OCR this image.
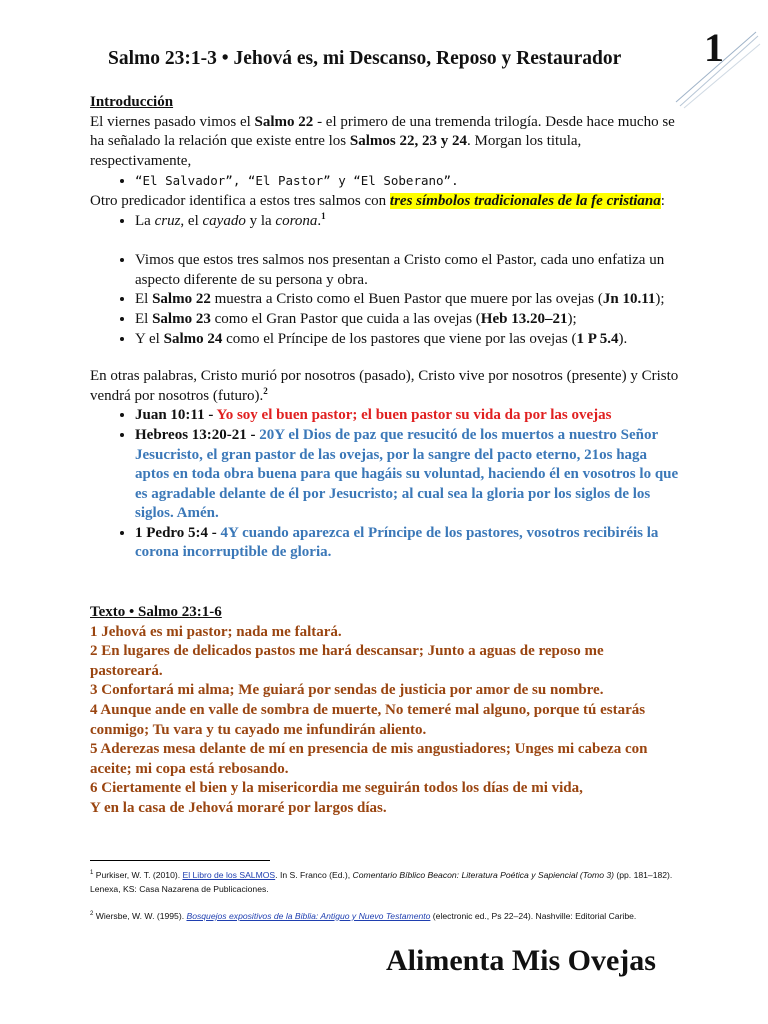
1
Salmo 23:1-3 • Jehová es, mi Descanso, Reposo y Restaurador

Introducción

El viernes pasado vimos el Salmo 22 - el primero de una tremenda trilogía. Desde hace mucho se ha señalado la relación que existe entre los Salmos 22, 23 y 24. Morgan los titula, respectivamente,

• “El Salvador”, “El Pastor” y “El Soberano”.

Otro predicador identifica a estos tres salmos con tres símbolos tradicionales de la fe cristiana:

• La cruz, el cayado y la corona.$^1$
• Vimos que estos tres salmos nos presentan a Cristo como el Pastor, cada uno enfatiza un aspecto diferente de su persona y obra.
• El Salmo 22 muestra a Cristo como el Buen Pastor que muere por las ovejas (Jn 10.11);
• El Salmo 23 como el Gran Pastor que cuida a las ovejas (Heb 13.20–21);
• Y el Salmo 24 como el Príncipe de los pastores que viene por las ovejas (1 P 5.4).

En otras palabras, Cristo murió por nosotros (pasado), Cristo vive por nosotros (presente) y Cristo vendrá por nosotros (futuro).$^2$

• Juan 10:11 - Yo soy el buen pastor; el buen pastor su vida da por las ovejas
• Hebreos 13:20-21 - 20Y el Dios de paz que resucitó de los muertos a nuestro Señor Jesucristo, el gran pastor de las ovejas, por la sangre del pacto eterno, 21os haga aptos en toda obra buena para que hagáis su voluntad, haciendo él en vosotros lo que es agradable delante de él por Jesucristo; al cual sea la gloria por los siglos de los siglos. Amén.
• 1 Pedro 5:4 - 4Y cuando aparezca el Príncipe de los pastores, vosotros recibiréis la corona incorruptible de gloria.

Texto • Salmo 23:1-6

1 Jehová es mi pastor; nada me faltará.

2 En lugares de delicados pastos me hará descansar; Junto a aguas de reposo me pastoreará.

3 Confortará mi alma; Me guiará por sendas de justicia por amor de su nombre.

4 Aunque ande en valle de sombra de muerte, No temeré mal alguno, porque tú estarás conmigo; Tu vara y tu cayado me infundirán aliento.

5 Aderezas mesa delante de mí en presencia de mis angustiadores; Unges mi cabeza con aceite; mi copa está rebosando.

6 Ciertamente el bien y la misericordia me seguirán todos los días de mi vida,

Y en la casa de Jehová moraré por largos días.

$^1$ Purkiser, W. T. (2010). El Libro de los SALMOS. In S. Franco (Ed.), Comentario Bíblico Beacon: Literatura Poética y Sapiencial (Tomo 3) (pp. 181–182). Lenexa, KS: Casa Nazarena de Publicaciones.

$^2$ Wiersbe, W. W. (1995). Bosquejos expositivos de la Biblia: Antiguo y Nuevo Testamento (electronic ed., Ps 22–24). Nashville: Editorial Caribe.

Alimenta Mis Ovejas
